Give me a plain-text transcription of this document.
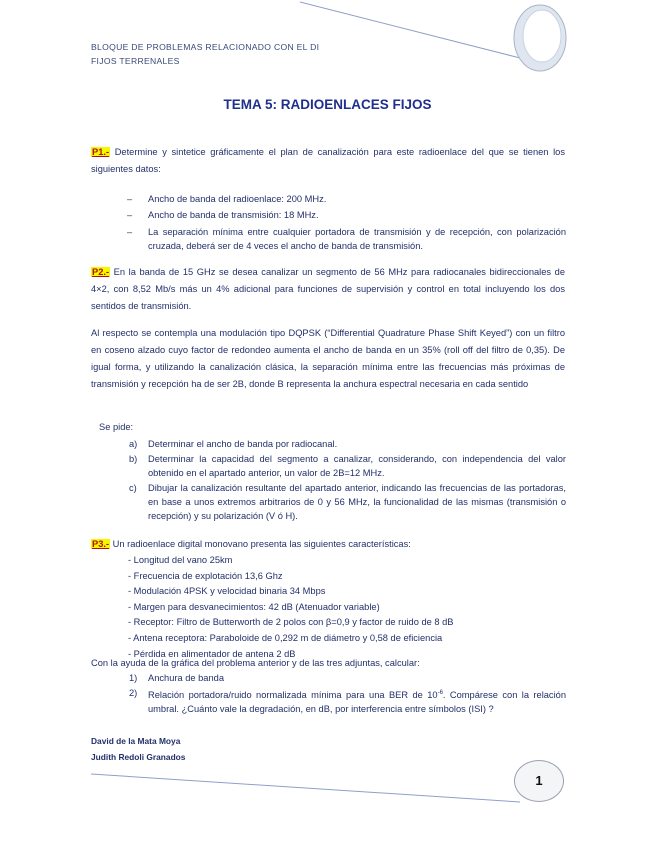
BLOQUE DE PROBLEMAS RELACIONADO CON EL DI
FIJOS TERRENALES
TEMA 5: RADIOENLACES FIJOS
P1.- Determine y sintetice gráficamente el plan de canalización para este radioenlace del que se tienen los siguientes datos:
– Ancho de banda del radioenlace: 200 MHz.
– Ancho de banda de transmisión: 18 MHz.
– La separación mínima entre cualquier portadora de transmisión y de recepción, con polarización cruzada, deberá ser de 4 veces el ancho de banda de transmisión.
P2.- En la banda de 15 GHz se desea canalizar un segmento de 56 MHz para radiocanales bidireccionales de 4×2, con 8,52 Mb/s más un 4% adicional para funciones de supervisión y control en total incluyendo los dos sentidos de transmisión.
Al respecto se contempla una modulación tipo DQPSK (“Differential Quadrature Phase Shift Keyed”) con un filtro en coseno alzado cuyo factor de redondeo aumenta el ancho de banda en un 35% (roll off del filtro de 0,35). De igual forma, y utilizando la canalización clásica, la separación mínima entre las frecuencias más próximas de transmisión y recepción ha de ser 2B, donde B representa la anchura espectral necesaria en cada sentido
Se pide:
a) Determinar el ancho de banda por radiocanal.
b) Determinar la capacidad del segmento a canalizar, considerando, con independencia del valor obtenido en el apartado anterior, un valor de 2B=12 MHz.
c) Dibujar la canalización resultante del apartado anterior, indicando las frecuencias de las portadoras, en base a unos extremos arbitrarios de 0 y 56 MHz, la funcionalidad de las mismas (transmisión o recepción) y su polarización (V ó H).
P3.- Un radioenlace digital monovano presenta las siguientes características:
- Longitud del vano 25km
- Frecuencia de explotación 13,6 Ghz
- Modulación 4PSK y velocidad binaria 34 Mbps
- Margen para desvanecimientos: 42 dB (Atenuador variable)
- Receptor: Filtro de Butterworth de 2 polos con β=0,9 y factor de ruido de 8 dB
- Antena receptora: Paraboloide de 0,292 m de diámetro y 0,58 de eficiencia
- Pérdida en alimentador de antena 2 dB
Con la ayuda de la gráfica del problema anterior y de las tres adjuntas, calcular:
1) Anchura de banda
2) Relación portadora/ruido normalizada mínima para una BER de $10^{-6}$. Compárese con la relación umbral. ¿Cuánto vale la degradación, en dB, por interferencia entre símbolos (ISI) ?
David de la Mata Moya
Judith Redoli Granados
1
